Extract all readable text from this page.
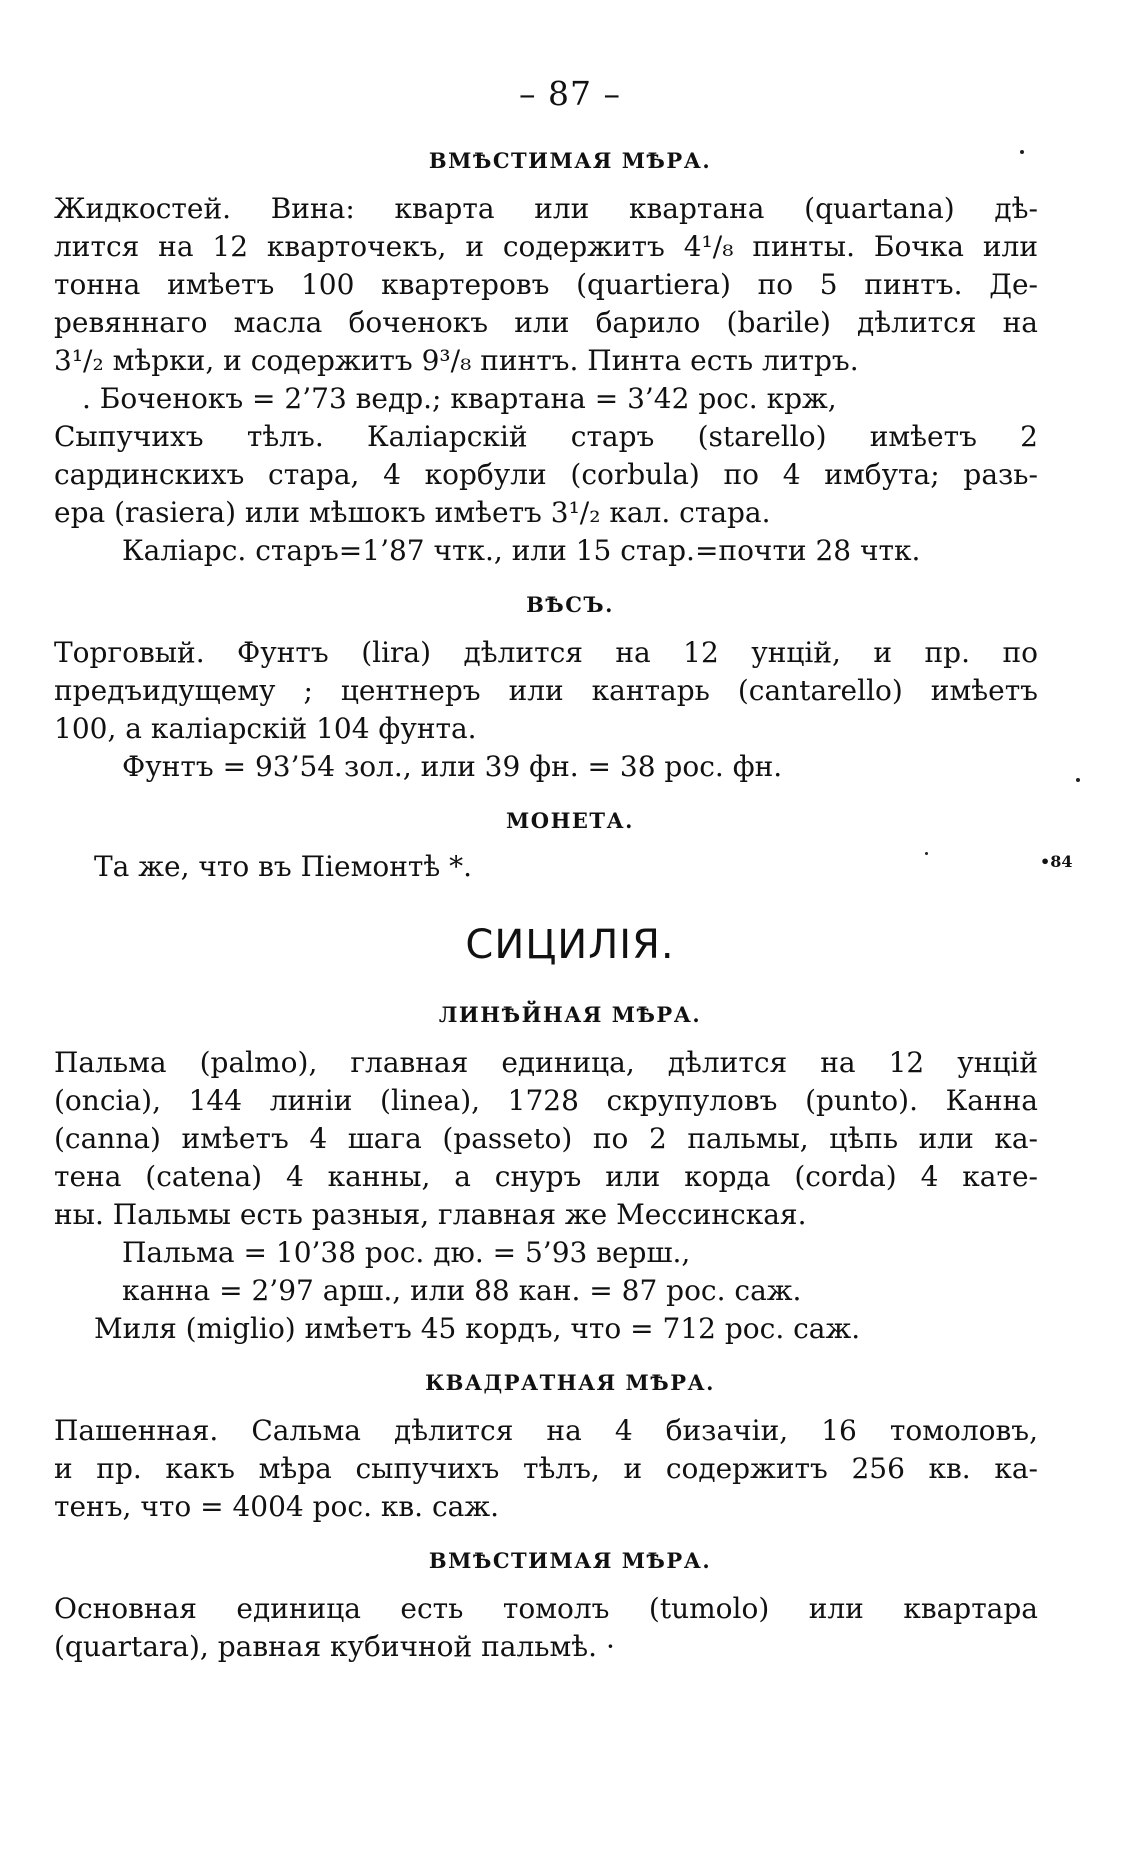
– 87 –
ВМѢСТИМАЯ МѢРА.
Жидкостей. Вина: кварта или квартана (quartana) дѣ-
лится на 12 кварточекъ, и содержитъ 4¹/₈ пинты. Бочка или
тонна имѣетъ 100 квартеровъ (quartiera) по 5 пинтъ. Де-
ревяннаго масла боченокъ или барило (barile) дѣлится на
3¹/₂ мѣрки, и содержитъ 9³/₈ пинтъ. Пинта есть литръ.
. Боченокъ = 2’73 ведр.; квартана = 3’42 рос. крж,
Сыпучихъ тѣлъ. Каліарскій старъ (starello) имѣетъ 2
сардинскихъ стара, 4 корбули (corbula) по 4 имбута; разь-
ера (rasiera) или мѣшокъ имѣетъ 3¹/₂ кал. стара.
Каліарс. старъ=1’87 чтк., или 15 стар.=почти 28 чтк.
ВѢСЪ.
Торговый. Фунтъ (lira) дѣлится на 12 унцій, и пр. по
предъидущему ; центнеръ или кантарь (cantarello) имѣетъ
100, а каліарскій 104 фунта.
Фунтъ = 93’54 зол., или 39 фн. = 38 рос. фн.
МОНЕТА.
Та же, что въ Піемонтѣ *.	•84
СИЦИЛІЯ.
ЛИНѢЙНАЯ МѢРА.
Пальма (palmo), главная единица, дѣлится на 12 унцій
(oncia), 144 линіи (linea), 1728 скрупуловъ (punto). Канна
(canna) имѣетъ 4 шага (passeto) по 2 пальмы, цѣпь или ка-
тена (catena) 4 канны, а снуръ или корда (corda) 4 кате-
ны. Пальмы есть разныя, главная же Мессинская.
Пальма = 10’38 рос. дю. = 5’93 верш.,
канна = 2’97 арш., или 88 кан. = 87 рос. саж.
Миля (miglio) имѣетъ 45 кордъ, что = 712 рос. саж.
КВАДРАТНАЯ МѢРА.
Пашенная. Сальма дѣлится на 4 бизачіи, 16 томоловъ,
и пр. какъ мѣра сыпучихъ тѣлъ, и содержитъ 256 кв. ка-
тенъ, что = 4004 рос. кв. саж.
ВМѢСТИМАЯ МѢРА.
Основная единица есть томолъ (tumolo) или квартара
(quartara), равная кубичной пальмѣ. ·
